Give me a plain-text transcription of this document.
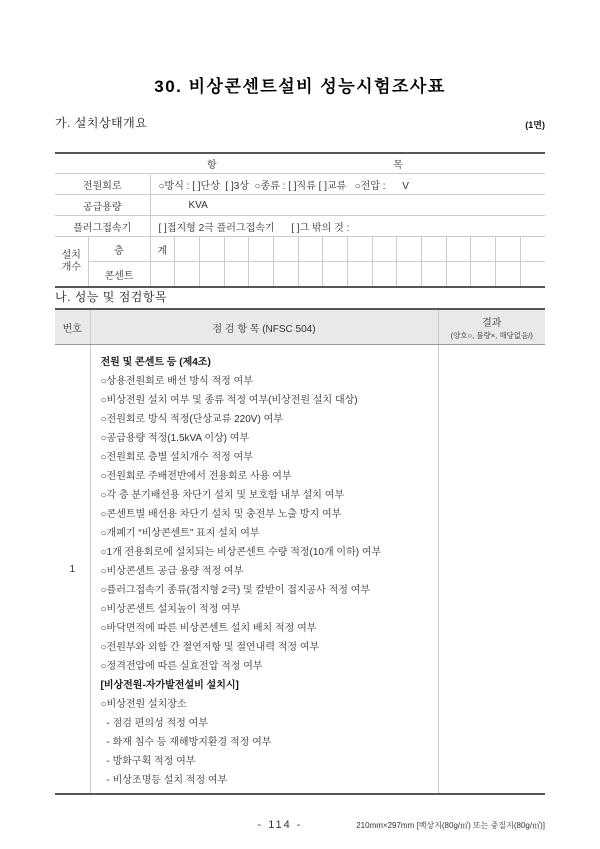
30. 비상콘센트설비 성능시험조사표
가. 설치상태개요	(1면)
항 목																	

전원회로		○방식 : [ ]단상  [ ]3상  ○종류 : [ ]직류 [ ]교류   ○전압 :      V															
공급용량		KVA															
플러그접속기		[ ]접지형 2극 플러그접속기      [ ]그 밖의 것 :															

설치
개수	층	계															
	콘센트																
나. 성능 및 점검항목
번호	점 검 항 목 (NFSC 504)	결과
(양호○, 불량×, 해당없음/)

1	
전원 및 콘센트 등 (제4조)
○상용전원회로 배선 방식 적정 여부
○비상전원 설치 여부 및 종류 적정 여부(비상전원 설치 대상)
○전원회로 방식 적정(단상교류 220V) 여부
○공급용량 적정(1.5kVA 이상) 여부
○전원회로 층별 설치개수 적정 여부
○전원회로 주배전반에서 전용회로 사용 여부
○각 층 분기배선용 차단기 설치 및 보호함 내부 설치 여부
○콘센트별 배선용 차단기 설치 및 충전부 노출 방지 여부
○개폐기 “비상콘센트” 표지 설치 여부
○1개 전용회로에 설치되는 비상콘센트 수량 적정(10개 이하) 여부
○비상콘센트 공급 용량 적정 여부
○플러그접속기 종류(접지형 2극) 및 칼받이 접지공사 적정 여부
○비상콘센트 설치높이 적정 여부
○바닥면적에 따른 비상콘센트 설치 배치 적정 여부
○전원부와 외함 간 절연저항 및 절연내력 적정 여부
○정격전압에 따른 실효전압 적정 여부
[비상전원-자가발전설비 설치시]
○비상전원 설치장소
- 점검 편의성 적정 여부
- 화재 침수 등 재해방지환경 적정 여부
- 방화구획 적정 여부
- 비상조명등 설치 적정 여부

- 114 -	210mm×297mm [백상지(80g/㎡) 또는 중질지(80g/㎡)]
